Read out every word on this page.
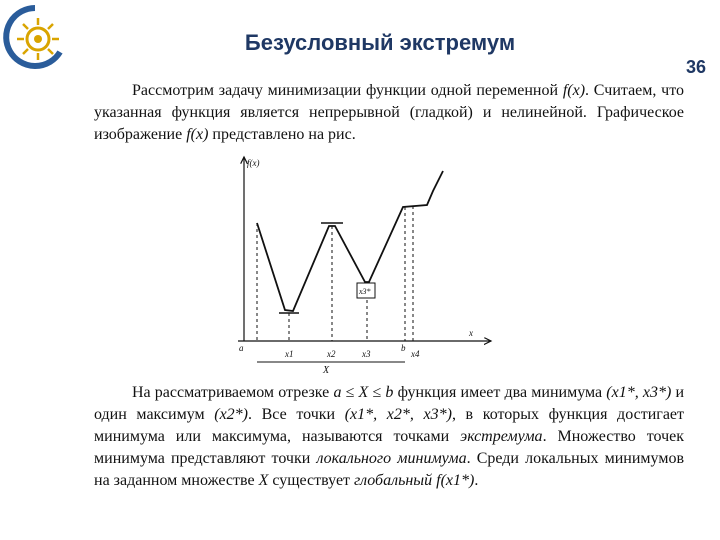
Безусловный экстремум
36
Рассмотрим задачу минимизации функции одной переменной f(x). Считаем, что указанная функция является непрерывной (гладкой) и нелинейной. Графическое изображение f(x) представлено на рис.
x3*
f(x)
x
a
x1	x2	x3
b
x4
X
На рассматриваемом отрезке a ≤ X ≤ b функция имеет два минимума (x1*, x3*) и один максимум (x2*). Все точки (x1*, x2*, x3*), в которых функция достигает минимума или максимума, называются точками экстремума. Множество точек минимума представляют точки локального минимума. Среди локальных минимумов на заданном множестве X существует глобальный f(x1*).
